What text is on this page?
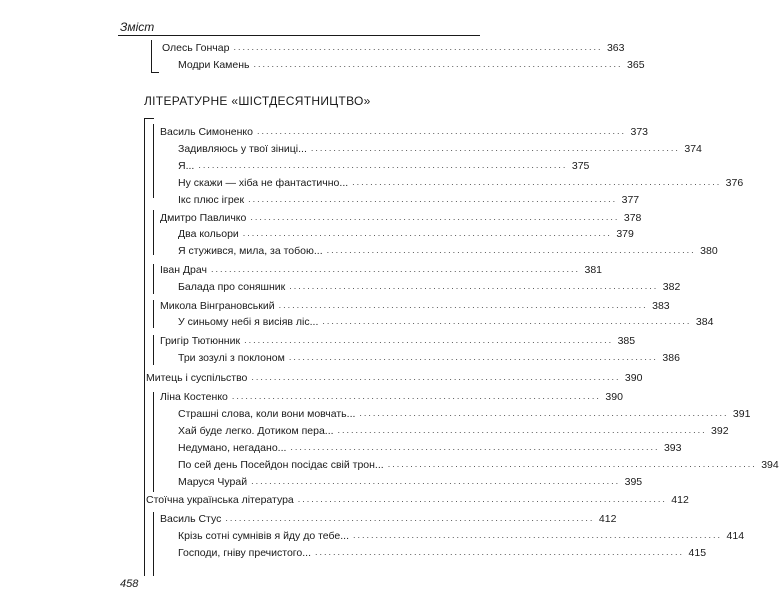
Зміст
Олесь Гончар .................................................................................. 363
Модри Камень .................................................................................. 365
ЛІТЕРАТУРНЕ «ШІСТДЕСЯТНИЦТВО»
Василь Симоненко .................................................................................. 373
Задивляюсь у твої зіниці... .................................................................................. 374
Я... .................................................................................. 375
Ну скажи — хіба не фантастично... .................................................................................. 376
Ікс плюс ігрек .................................................................................. 377
Дмитро Павличко .................................................................................. 378
Два кольори .................................................................................. 379
Я стужився, мила, за тобою... .................................................................................. 380
Іван Драч .................................................................................. 381
Балада про соняшник .................................................................................. 382
Микола Вінграновський .................................................................................. 383
У синьому небі я висіяв ліс... .................................................................................. 384
Григір Тютюнник .................................................................................. 385
Три зозулі з поклоном .................................................................................. 386
Митець і суспільство .................................................................................. 390
Ліна Костенко .................................................................................. 390
Страшні слова, коли вони мовчать... .................................................................................. 391
Хай буде легко. Дотиком пера... .................................................................................. 392
Недумано, негадано... .................................................................................. 393
По сей день Посейдон посідає свій трон... .................................................................................. 394
Маруся Чурай .................................................................................. 395
Стоїчна українська література .................................................................................. 412
Василь Стус .................................................................................. 412
Крізь сотні сумнівів я йду до тебе... .................................................................................. 414
Господи, гніву пречистого... .................................................................................. 415
458
